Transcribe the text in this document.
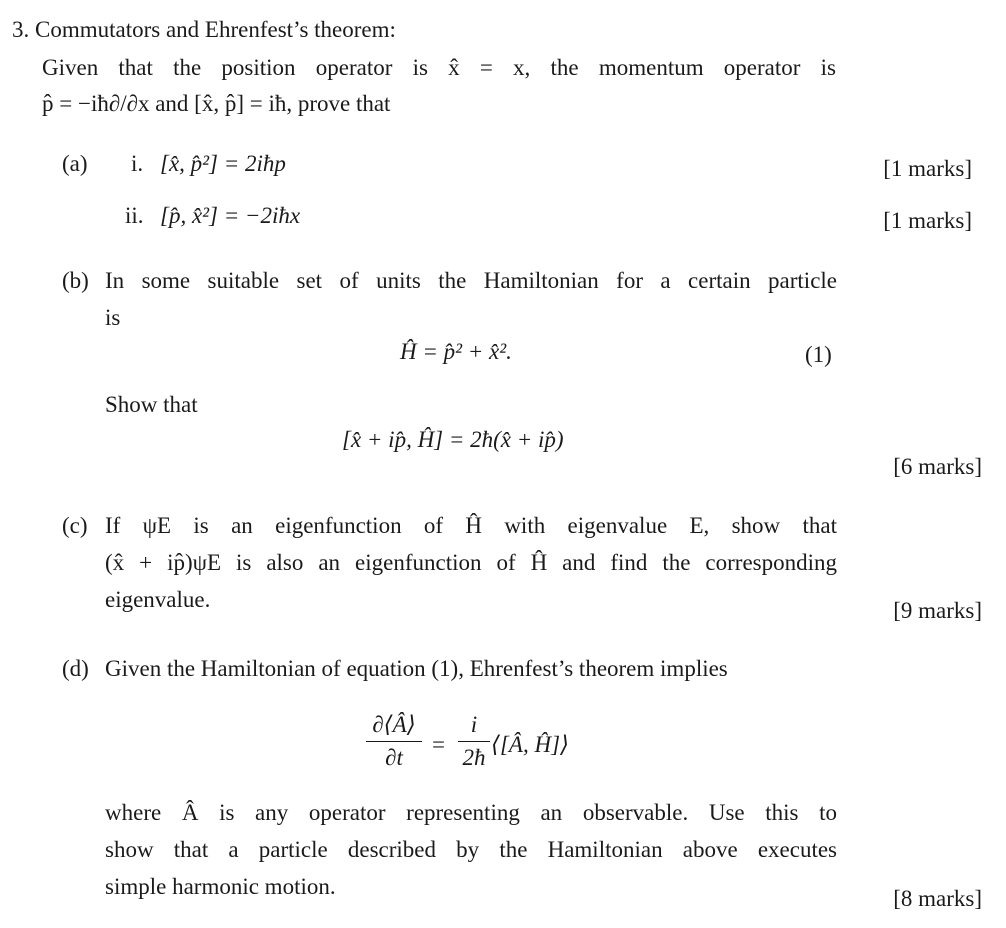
3. Commutators and Ehrenfest’s theorem:
Given that the position operator is x̂ = x, the momentum operator is
p̂ = −iħ∂/∂x and [x̂, p̂] = iħ, prove that
(a) i. [x̂, p̂²] = 2iħp	[1 marks]
ii. [p̂, x̂²] = −2iħx	[1 marks]
(b) In some suitable set of units the Hamiltonian for a certain particle
is
Ĥ = p̂² + x̂².	(1)
Show that
[x̂ + ip̂, Ĥ] = 2ħ(x̂ + ip̂)
[6 marks]
(c) If ψE is an eigenfunction of Ĥ with eigenvalue E, show that
(x̂ + ip̂)ψE is also an eigenfunction of Ĥ and find the corresponding
eigenvalue.	[9 marks]
(d) Given the Hamiltonian of equation (1), Ehrenfest’s theorem implies
∂⟨Â⟩
∂t
=
i
2ħ
⟨[Â, Ĥ]⟩
where Â is any operator representing an observable. Use this to
show that a particle described by the Hamiltonian above executes
simple harmonic motion.	[8 marks]
